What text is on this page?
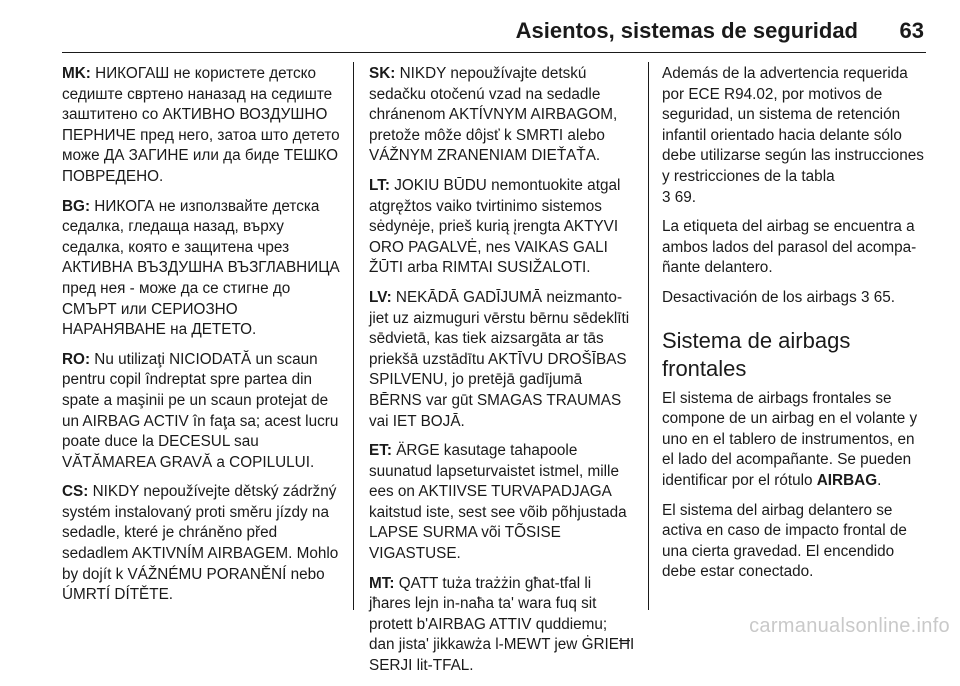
Asientos, sistemas de seguridad 63

MK: НИКОГАШ не користете детско седиште свртено наназад на седиште заштитено со АКТИВНО ВОЗДУШНО ПЕРНИЧЕ пред него, затоа што детето може ДА ЗАГИНЕ или да биде ТЕШКО ПОВРЕДЕНО.

BG: НИКОГА не използвайте детска седалка, гледаща назад, върху седалка, която е защитена чрез АКТИВНА ВЪЗДУШНА ВЪЗГЛАВНИЦА пред нея - може да се стигне до СМЪРТ или СЕРИОЗНО НАРАНЯВАНЕ на ДЕТЕТО.

RO: Nu utilizaţi NICIODATĂ un scaun pentru copil îndreptat spre partea din spate a maşinii pe un scaun protejat de un AIRBAG ACTIV în faţa sa; acest lucru poate duce la DECESUL sau VĂTĂMAREA GRAVĂ a COPILULUI.

CS: NIKDY nepoužívejte dětský zádržný systém instalovaný proti směru jízdy na sedadle, které je chráněno před sedadlem AKTIVNÍM AIRBAGEM. Mohlo by dojít k VÁŽNÉMU PORANĚNÍ nebo ÚMRTÍ DÍTĚTE.

SK: NIKDY nepoužívajte detskú sedačku otočenú vzad na sedadle chránenom AKTÍVNYM AIRBAGOM, pretože môže dôjsť k SMRTI alebo VÁŽNYM ZRANENIAM DIEŤAŤA.

LT: JOKIU BŪDU nemontuokite atgal atgręžtos vaiko tvirtinimo sistemos sėdynėje, prieš kurią įrengta AKTYVI ORO PAGALVĖ, nes VAIKAS GALI ŽŪTI arba RIMTAI SUSIŽALOTI.

LV: NEKĀDĀ GADĪJUMĀ neizmantojiet uz aizmuguri vērstu bērnu sēdeklīti sēdvietā, kas tiek aizsargāta ar tās priekšā uzstādītu AKTĪVU DROŠĪBAS SPILVENU, jo pretējā gadījumā BĒRNS var gūt SMAGAS TRAUMAS vai IET BOJĀ.

ET: ÄRGE kasutage tahapoole suunatud lapseturvaistet istmel, mille ees on AKTIIVSE TURVAPADJAGA kaitstud iste, sest see võib põhjustada LAPSE SURMA või TÕSISE VIGASTUSE.

MT: QATT tuża trażżin għat-tfal li jħares lejn in-naħa ta' wara fuq sit protett b'AIRBAG ATTIV quddiemu; dan jista' jikkawża l-MEWT jew ĠRIEĦI SERJI lit-TFAL.

Además de la advertencia requerida por ECE R94.02, por motivos de seguridad, un sistema de retención infantil orientado hacia delante sólo debe utilizarse según las instrucciones y restricciones de la tabla
3 69.

La etiqueta del airbag se encuentra a ambos lados del parasol del acompañante delantero.

Desactivación de los airbags 3 65.

Sistema de airbags frontales

El sistema de airbags frontales se compone de un airbag en el volante y uno en el tablero de instrumentos, en el lado del acompañante. Se pueden identificar por el rótulo AIRBAG.

El sistema del airbag delantero se activa en caso de impacto frontal de una cierta gravedad. El encendido debe estar conectado.

carmanualsonline.info
